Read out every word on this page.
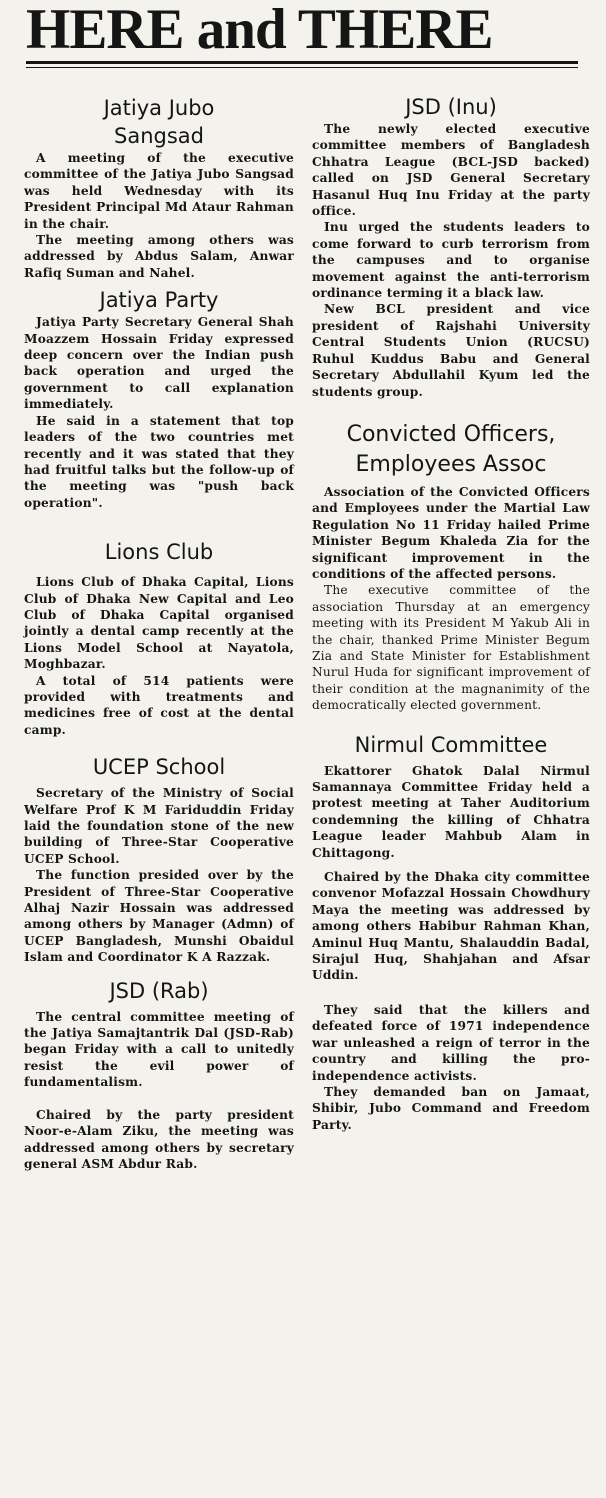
HERE and THERE
Jatiya Jubo Sangsad

A meeting of the executive committee of the Jatiya Jubo Sangsad was held Wednesday with its President Principal Md Ataur Rahman in the chair.

The meeting among others was addressed by Abdus Salam, Anwar Rafiq Suman and Nahel.

Jatiya Party

Jatiya Party Secretary General Shah Moazzem Hossain Friday expressed deep concern over the Indian push back operation and urged the government to call explanation immediately.

He said in a statement that top leaders of the two countries met recently and it was stated that they had fruitful talks but the follow-up of the meeting was "push back operation".

Lions Club

Lions Club of Dhaka Capital, Lions Club of Dhaka New Capital and Leo Club of Dhaka Capital organised jointly a dental camp recently at the Lions Model School at Nayatola, Moghbazar.

A total of 514 patients were provided with treatments and medicines free of cost at the dental camp.

UCEP School

Secretary of the Ministry of Social Welfare Prof K M Fariduddin Friday laid the foundation stone of the new building of Three-Star Cooperative UCEP School.

The function presided over by the President of Three-Star Cooperative Alhaj Nazir Hossain was addressed among others by Manager (Admn) of UCEP Bangladesh, Munshi Obaidul Islam and Coordinator K A Razzak.

JSD (Rab)

The central committee meeting of the Jatiya Samajtantrik Dal (JSD-Rab) began Friday with a call to unitedly resist the evil power of fundamentalism.

Chaired by the party president Noor-e-Alam Ziku, the meeting was addressed among others by secretary general ASM Abdur Rab.

JSD (Inu)

The newly elected executive committee members of Bangladesh Chhatra League (BCL-JSD backed) called on JSD General Secretary Hasanul Huq Inu Friday at the party office.

Inu urged the students leaders to come forward to curb terrorism from the campuses and to organise movement against the anti-terrorism ordinance terming it a black law.

New BCL president and vice president of Rajshahi University Central Students Union (RUCSU) Ruhul Kuddus Babu and General Secretary Abdullahil Kyum led the students group.

Convicted Officers, Employees Assoc

Association of the Convicted Officers and Employees under the Martial Law Regulation No 11 Friday hailed Prime Minister Begum Khaleda Zia for the significant improvement in the conditions of the affected persons.

The executive committee of the association Thursday at an emergency meeting with its President M Yakub Ali in the chair, thanked Prime Minister Begum Zia and State Minister for Establishment Nurul Huda for significant improvement of their condition at the magnanimity of the democratically elected government.

Nirmul Committee

Ekattorer Ghatok Dalal Nirmul Samannaya Committee Friday held a protest meeting at Taher Auditorium condemning the killing of Chhatra League leader Mahbub Alam in Chittagong.

Chaired by the Dhaka city committee convenor Mofazzal Hossain Chowdhury Maya the meeting was addressed by among others Habibur Rahman Khan, Aminul Huq Mantu, Shalauddin Badal, Sirajul Huq, Shahjahan and Afsar Uddin.

They said that the killers and defeated force of 1971 independence war unleashed a reign of terror in the country and killing the pro-independence activists.

They demanded ban on Jamaat, Shibir, Jubo Command and Freedom Party.
